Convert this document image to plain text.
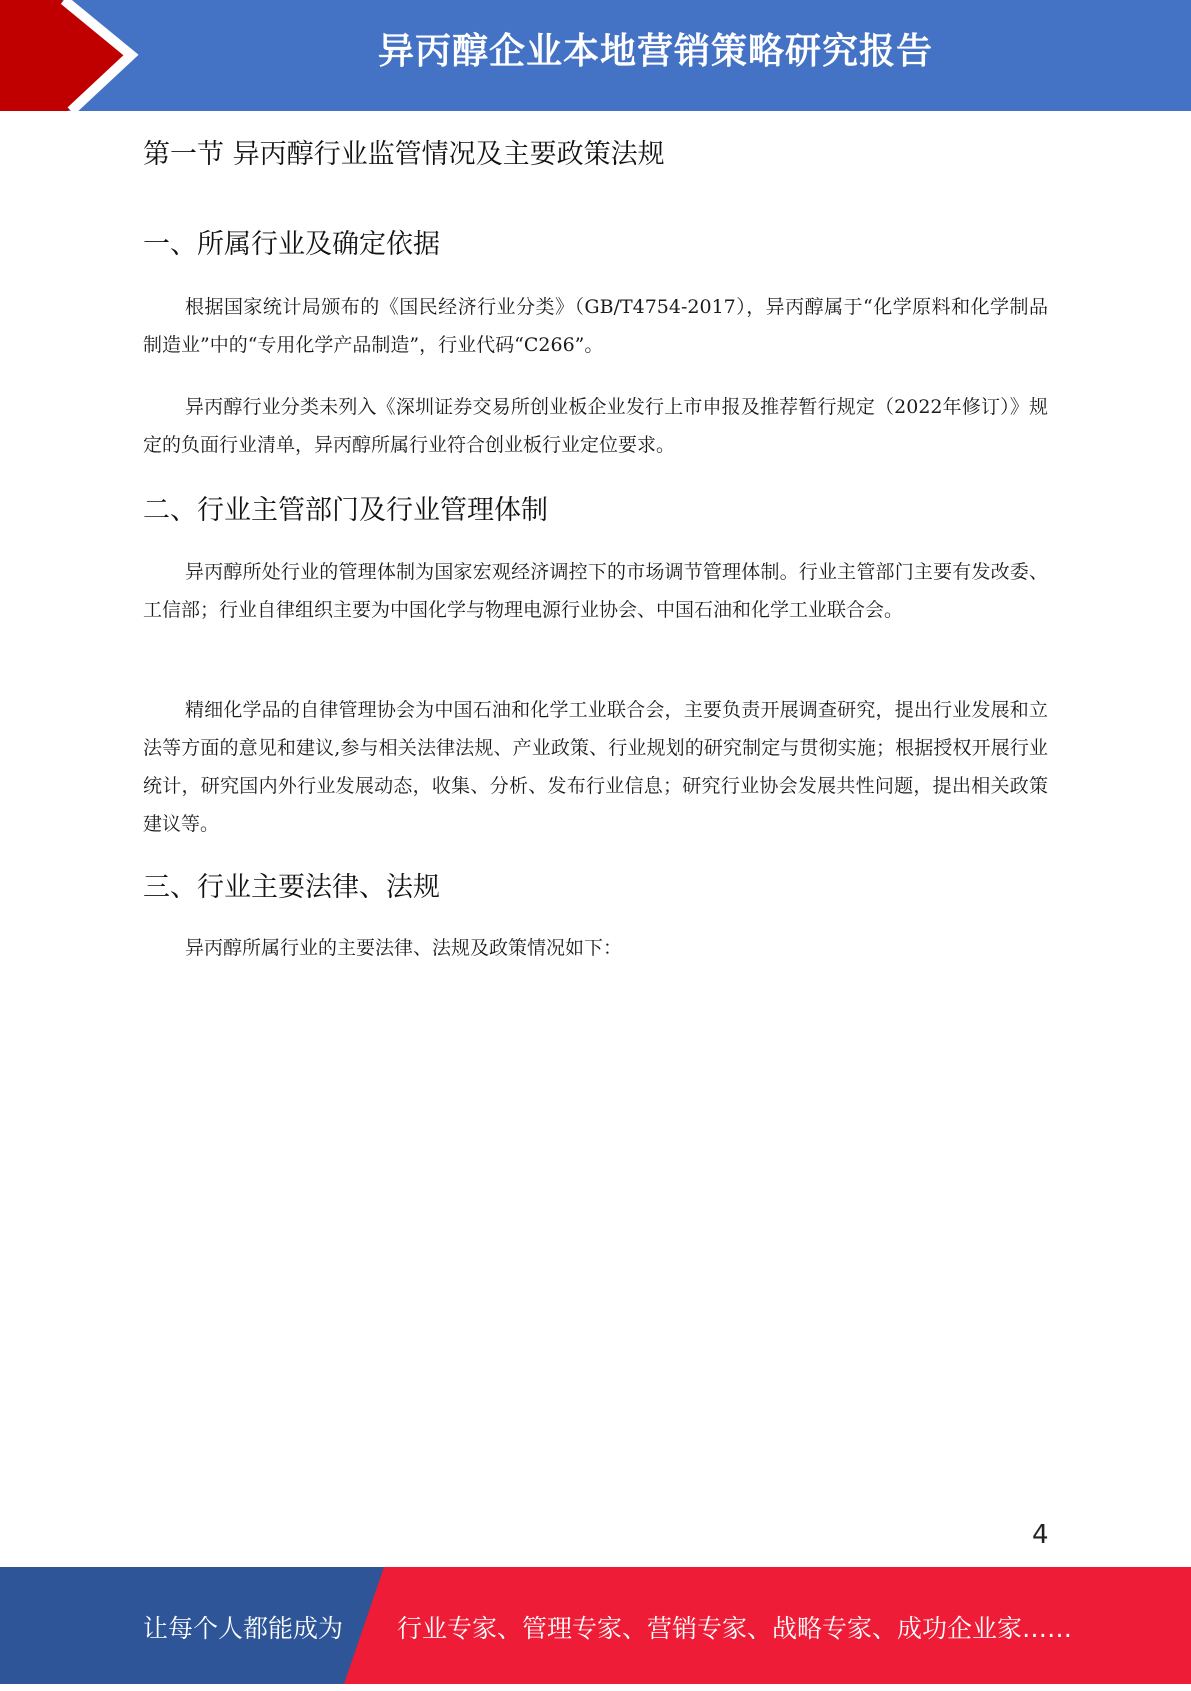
异丙醇企业本地营销策略研究报告
第一节 异丙醇行业监管情况及主要政策法规
一、所属行业及确定依据

根据国家统计局颁布的《国民经济行业分类》（GB/T4754-2017），异丙醇属于“化学原料和化学制品制造业”中的“专用化学产品制造”，行业代码“C266”。

异丙醇行业分类未列入《深圳证券交易所创业板企业发行上市申报及推荐暂行规定（2022年修订）》规定的负面行业清单，异丙醇所属行业符合创业板行业定位要求。

二、行业主管部门及行业管理体制

异丙醇所处行业的管理体制为国家宏观经济调控下的市场调节管理体制。行业主管部门主要有发改委、工信部；行业自律组织主要为中国化学与物理电源行业协会、中国石油和化学工业联合会。

精细化学品的自律管理协会为中国石油和化学工业联合会，主要负责开展调查研究，提出行业发展和立法等方面的意见和建议,参与相关法律法规、产业政策、行业规划的研究制定与贯彻实施；根据授权开展行业统计，研究国内外行业发展动态，收集、分析、发布行业信息；研究行业协会发展共性问题，提出相关政策建议等。

三、行业主要法律、法规

异丙醇所属行业的主要法律、法规及政策情况如下：

4
让每个人都能成为 行业专家、管理专家、营销专家、战略专家、成功企业家……
